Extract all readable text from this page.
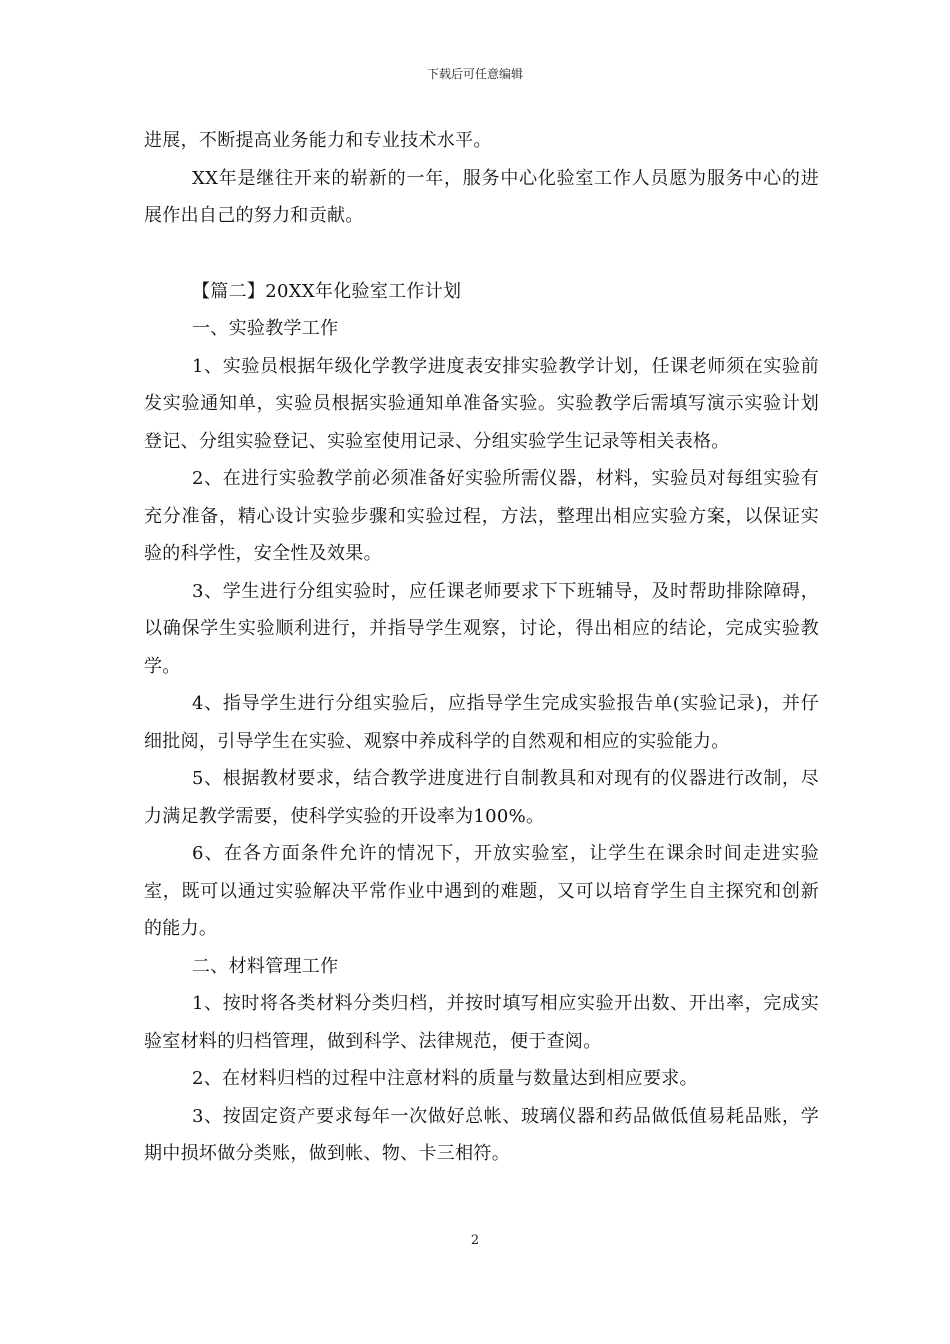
下载后可任意编辑

进展，不断提高业务能力和专业技术水平。

XX年是继往开来的崭新的一年，服务中心化验室工作人员愿为服务中心的进展作出自己的努力和贡献。

【篇二】20XX年化验室工作计划

一、实验教学工作

1、实验员根据年级化学教学进度表安排实验教学计划，任课老师须在实验前发实验通知单，实验员根据实验通知单准备实验。实验教学后需填写演示实验计划登记、分组实验登记、实验室使用记录、分组实验学生记录等相关表格。

2、在进行实验教学前必须准备好实验所需仪器，材料，实验员对每组实验有充分准备，精心设计实验步骤和实验过程，方法，整理出相应实验方案，以保证实验的科学性，安全性及效果。

3、学生进行分组实验时，应任课老师要求下下班辅导，及时帮助排除障碍，以确保学生实验顺利进行，并指导学生观察，讨论，得出相应的结论，完成实验教学。

4、指导学生进行分组实验后，应指导学生完成实验报告单(实验记录)，并仔细批阅，引导学生在实验、观察中养成科学的自然观和相应的实验能力。

5、根据教材要求，结合教学进度进行自制教具和对现有的仪器进行改制，尽力满足教学需要，使科学实验的开设率为100%。

6、在各方面条件允许的情况下，开放实验室，让学生在课余时间走进实验室，既可以通过实验解决平常作业中遇到的难题，又可以培育学生自主探究和创新的能力。

二、材料管理工作

1、按时将各类材料分类归档，并按时填写相应实验开出数、开出率，完成实验室材料的归档管理，做到科学、法律规范，便于查阅。

2、在材料归档的过程中注意材料的质量与数量达到相应要求。

3、按固定资产要求每年一次做好总帐、玻璃仪器和药品做低值易耗品账，学期中损坏做分类账，做到帐、物、卡三相符。

2
